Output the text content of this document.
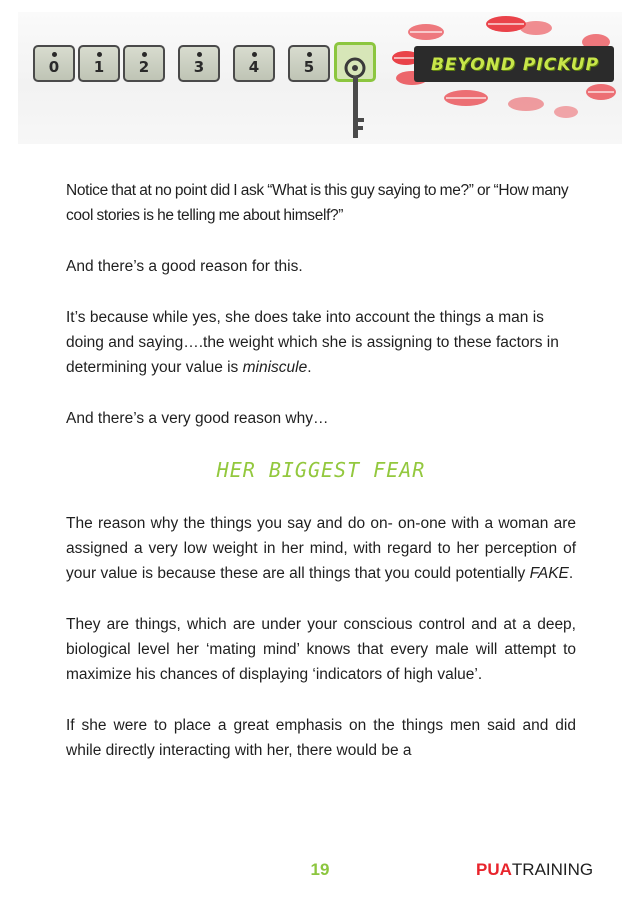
0	1	2	3	4	5	BEYOND PICKUP

Notice that at no point did I ask “What is this guy saying to me?” or “How many cool stories is he telling me about himself?”

And there’s a good reason for this.

It’s because while yes, she does take into account the things a man is doing and saying….the weight which she is assigning to these factors in determining your value is miniscule.

And there’s a very good reason why…

HER BIGGEST FEAR

The reason why the things you say and do on- on-one with a woman are assigned a very low weight in her mind, with regard to her perception of your value is because these are all things that you could potentially FAKE.

They are things, which are under your conscious control and at a deep, biological level her ‘mating mind’ knows that every male will attempt to maximize his chances of displaying ‘indicators of high value’.

If she were to place a great emphasis on the things men said and did while directly interacting with her, there would be a

19	PUATRAINING
